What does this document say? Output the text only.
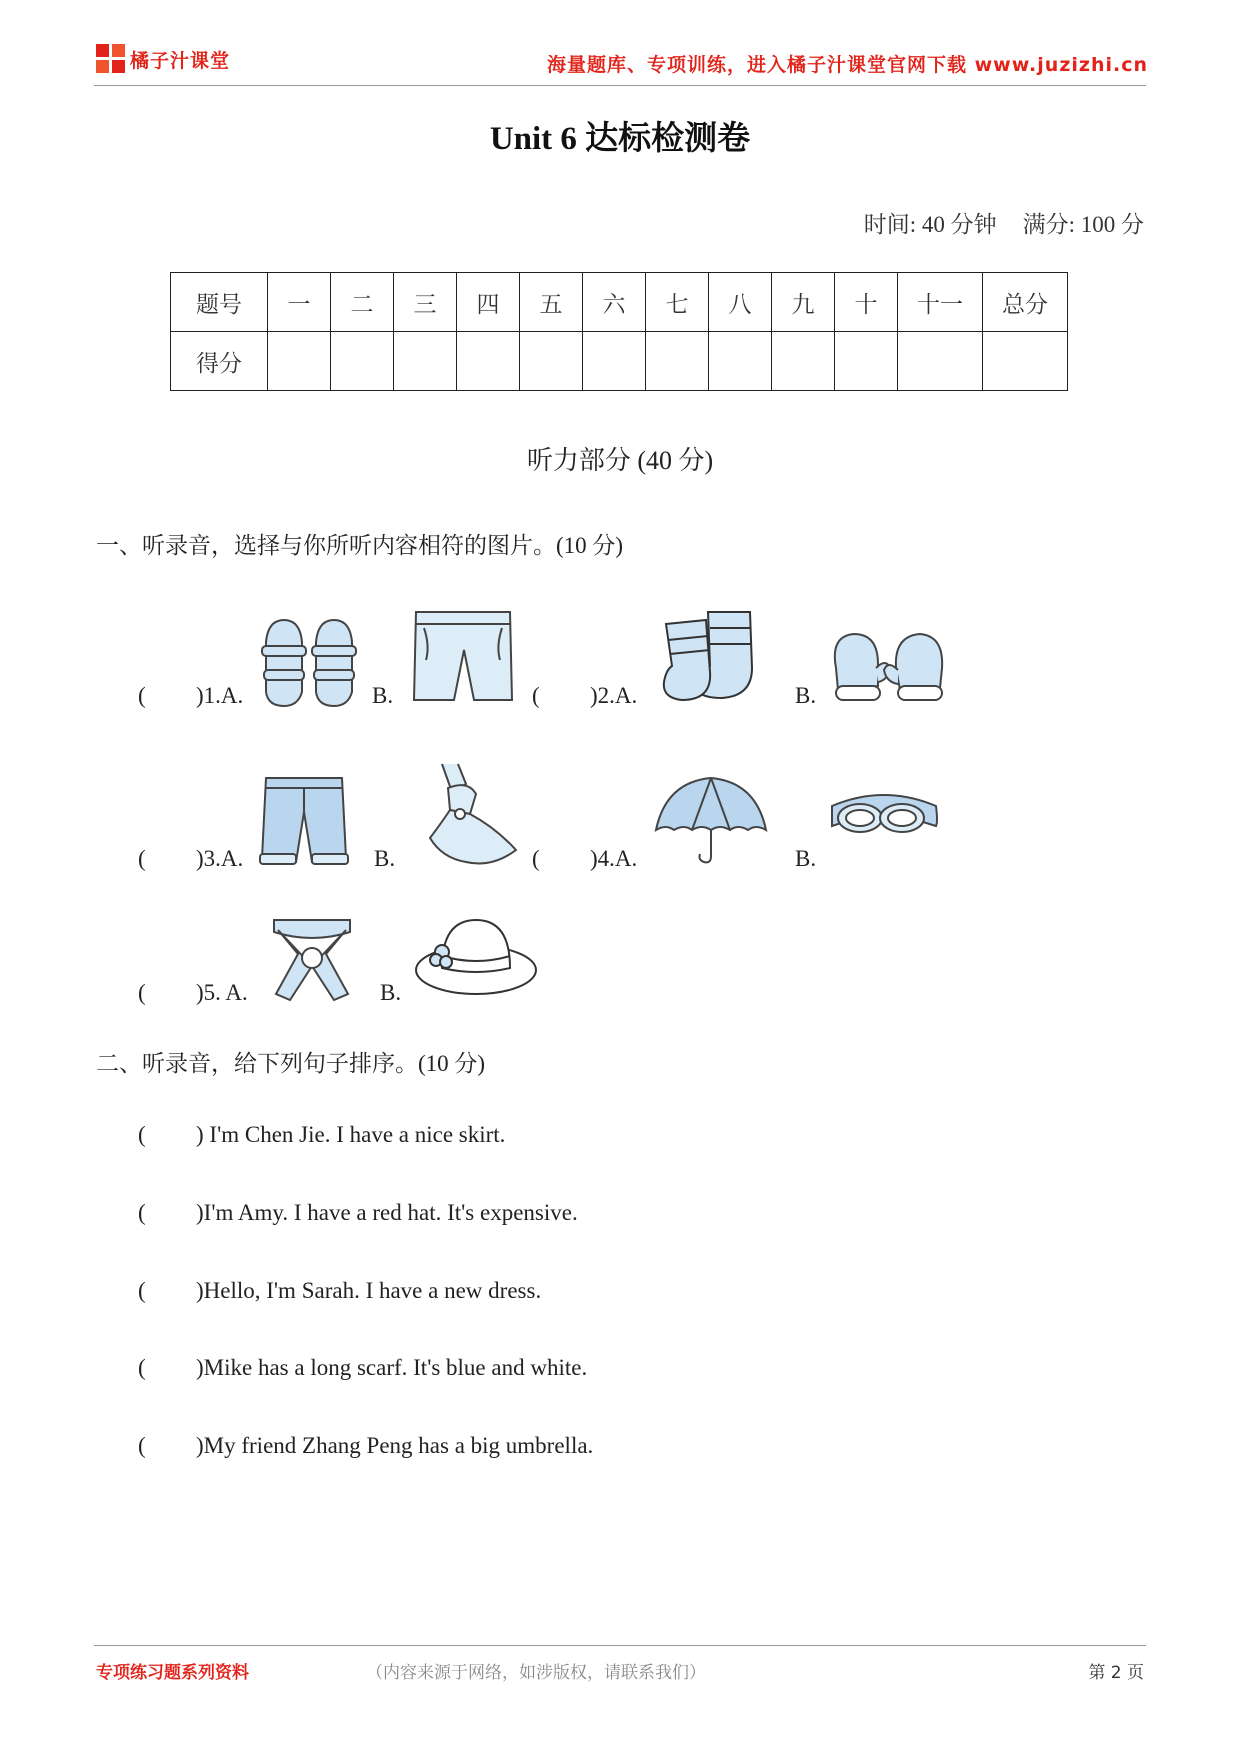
橘子汁课堂	海量题库、专项训练，进入橘子汁课堂官网下载 www.juzizhi.cn
Unit 6 达标检测卷
时间: 40 分钟 满分: 100 分
题号	一	二	三	四	五	六	七	八	九	十	十一	总分
得分												
听力部分 (40 分)
一、听录音，选择与你所听内容相符的图片。(10 分)
( )1.A.	B.	( )2.A.	B.
( )3.A.	B.	( )4.A.	B.
( )5. A.	B.
二、听录音，给下列句子排序。(10 分)
( ) I'm Chen Jie. I have a nice skirt.
( )I'm Amy. I have a red hat. It's expensive.
( )Hello, I'm Sarah. I have a new dress.
( )Mike has a long scarf. It's blue and white.
( )My friend Zhang Peng has a big umbrella.
专项练习题系列资料	（内容来源于网络，如涉版权，请联系我们）	第 2 页
